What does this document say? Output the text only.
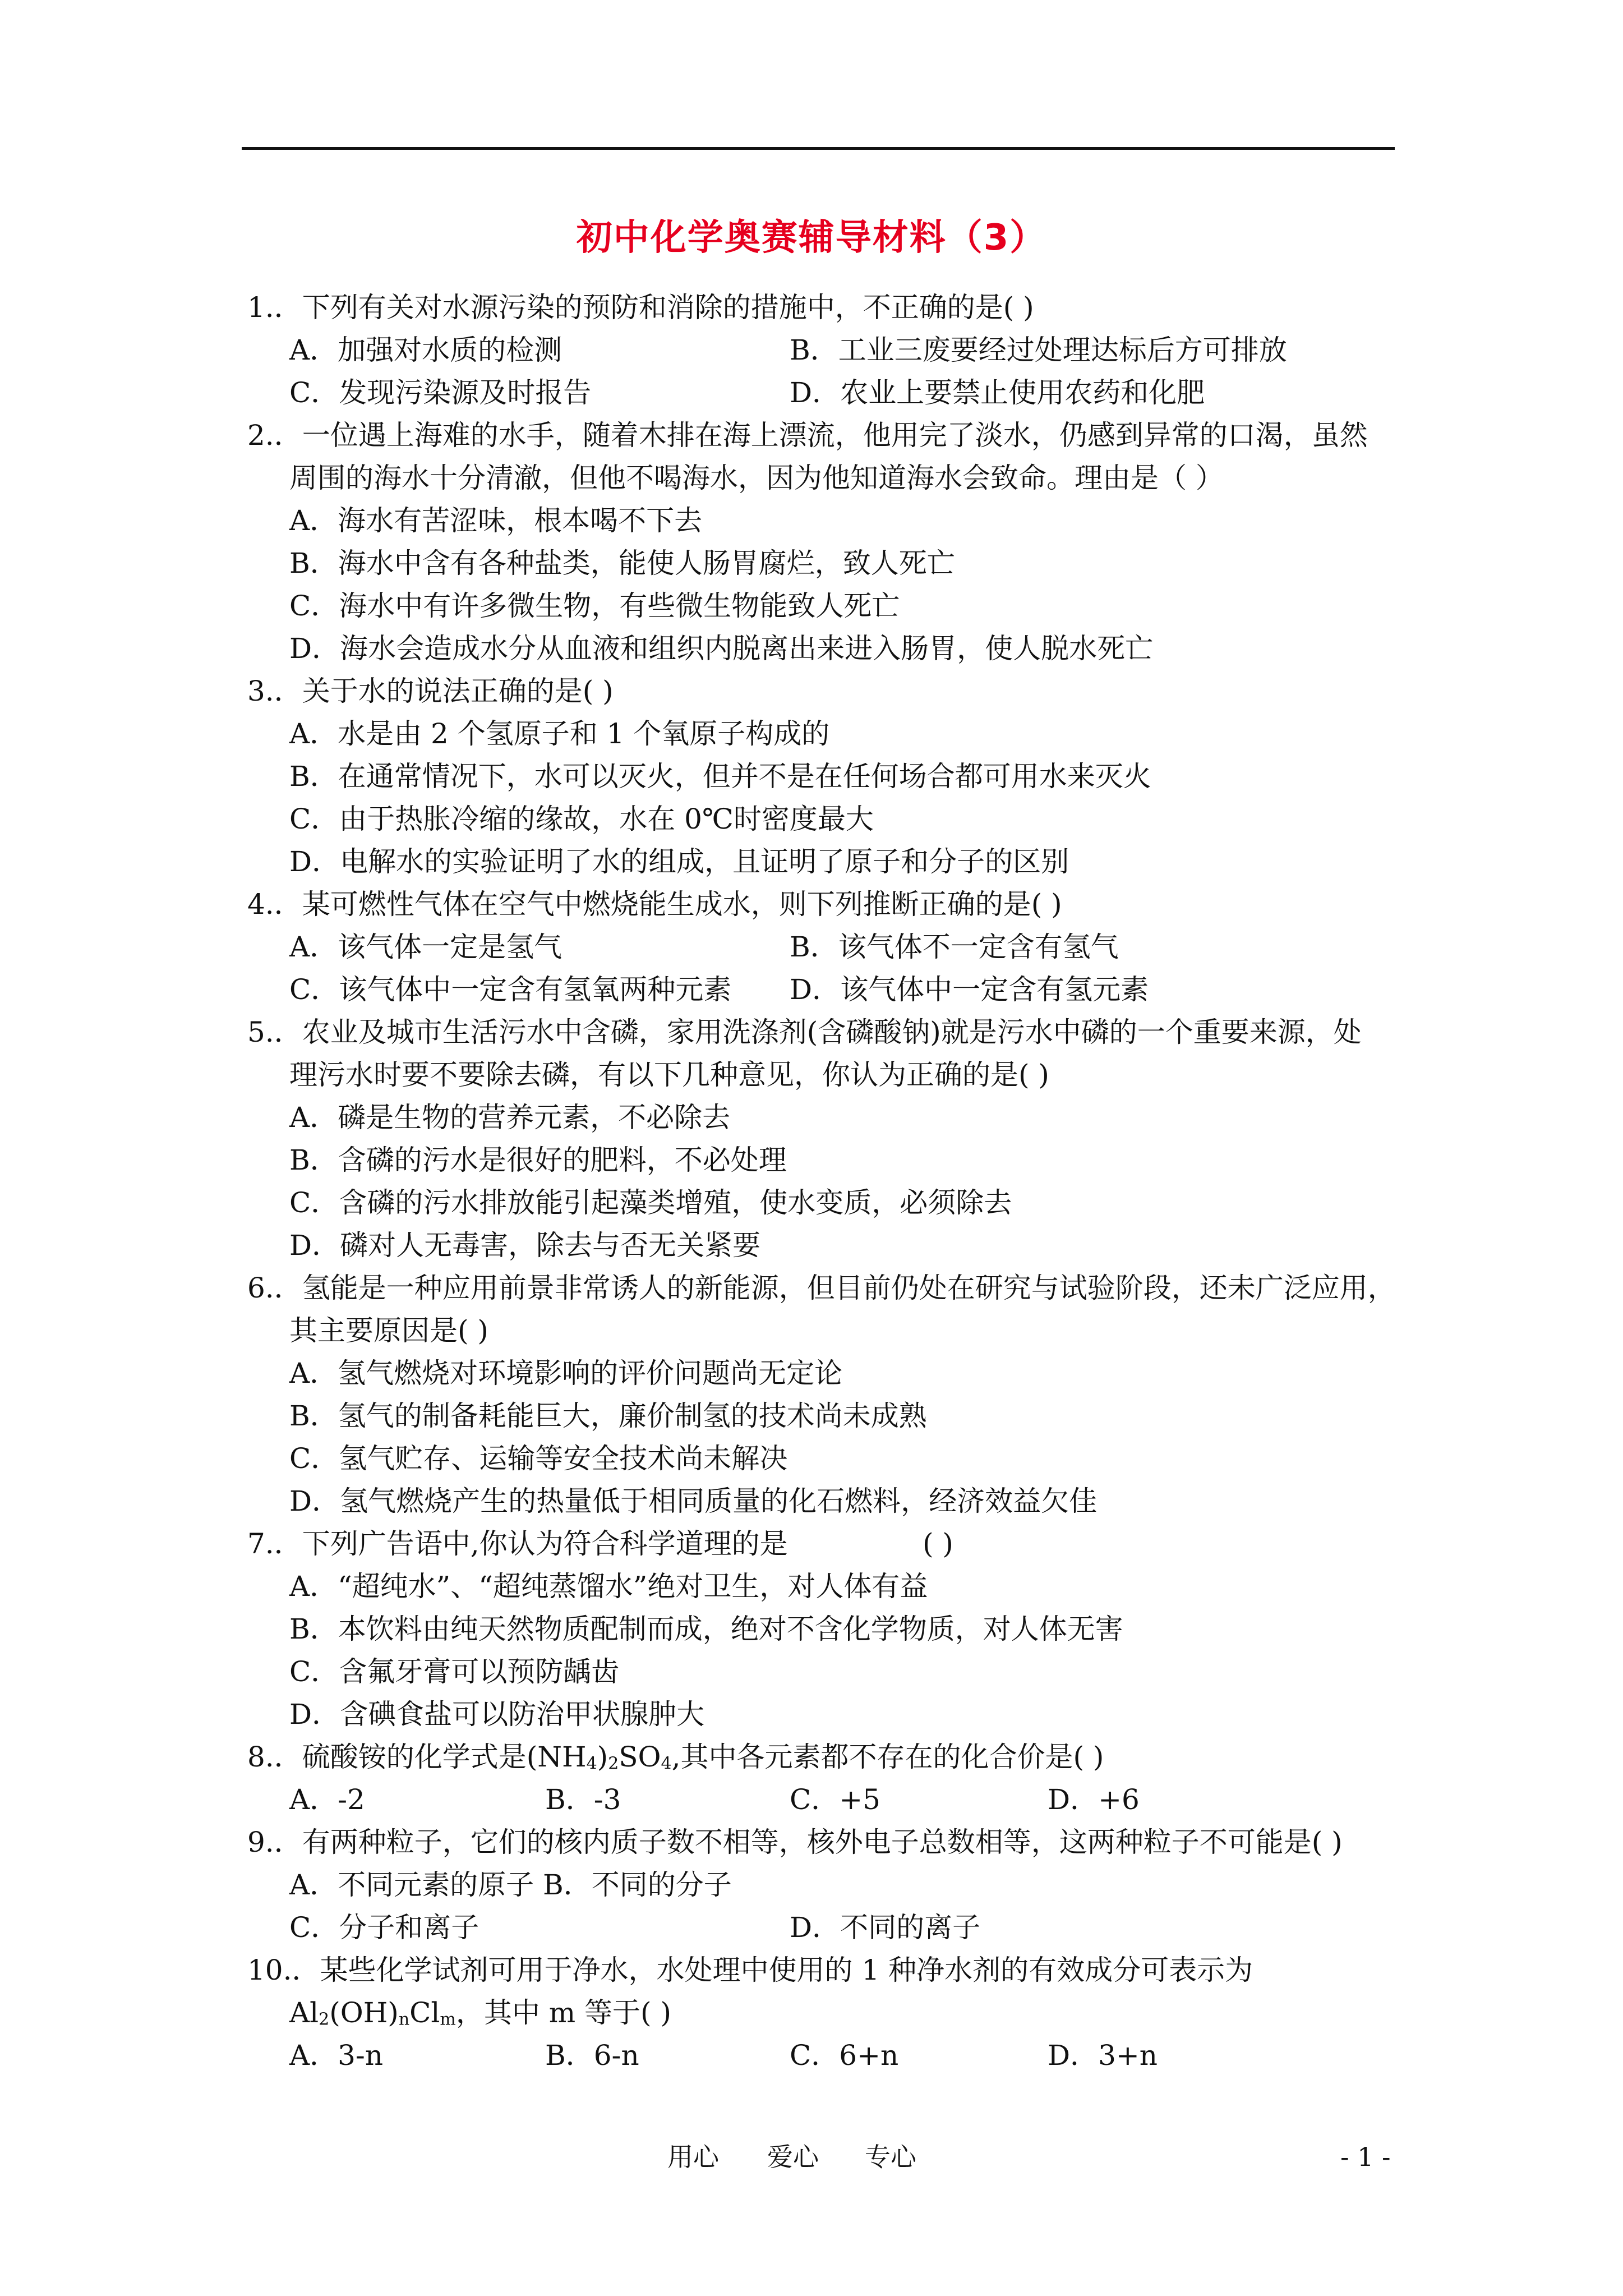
初中化学奥赛辅导材料（3）
1.．下列有关对水源污染的预防和消除的措施中，不正确的是( )
A．加强对水质的检测	B．工业三废要经过处理达标后方可排放
C．发现污染源及时报告	D．农业上要禁止使用农药和化肥
2.．一位遇上海难的水手，随着木排在海上漂流，他用完了淡水，仍感到异常的口渴，虽然
周围的海水十分清澈，但他不喝海水，因为他知道海水会致命。理由是（ ）
A．海水有苦涩味，根本喝不下去
B．海水中含有各种盐类，能使人肠胃腐烂，致人死亡
C．海水中有许多微生物，有些微生物能致人死亡
D．海水会造成水分从血液和组织内脱离出来进入肠胃，使人脱水死亡
3.．关于水的说法正确的是( )
A．水是由 2 个氢原子和 1 个氧原子构成的
B．在通常情况下，水可以灭火，但并不是在任何场合都可用水来灭火
C．由于热胀冷缩的缘故，水在 0℃时密度最大
D．电解水的实验证明了水的组成，且证明了原子和分子的区别
4.．某可燃性气体在空气中燃烧能生成水，则下列推断正确的是( )
A．该气体一定是氢气	B．该气体不一定含有氢气
C．该气体中一定含有氢氧两种元素 D．该气体中一定含有氢元素
5.．农业及城市生活污水中含磷，家用洗涤剂(含磷酸钠)就是污水中磷的一个重要来源，处
理污水时要不要除去磷，有以下几种意见，你认为正确的是( )
A．磷是生物的营养元素，不必除去
B．含磷的污水是很好的肥料，不必处理
C．含磷的污水排放能引起藻类增殖，使水变质，必须除去
D．磷对人无毒害，除去与否无关紧要
6.．氢能是一种应用前景非常诱人的新能源，但目前仍处在研究与试验阶段，还未广泛应用，
其主要原因是( )
A．氢气燃烧对环境影响的评价问题尚无定论
B．氢气的制备耗能巨大，廉价制氢的技术尚未成熟
C．氢气贮存、运输等安全技术尚未解决
D．氢气燃烧产生的热量低于相同质量的化石燃料，经济效益欠佳
7.．下列广告语中,你认为符合科学道理的是	( )
A．“超纯水”、“超纯蒸馏水”绝对卫生，对人体有益
B．本饮料由纯天然物质配制而成，绝对不含化学物质，对人体无害
C．含氟牙膏可以预防龋齿
D．含碘食盐可以防治甲状腺肿大
8.．硫酸铵的化学式是$(NH_4)_2SO_4$,其中各元素都不存在的化合价是( )
A．-2	B．-3	C．+5	D．+6
9.．有两种粒子，它们的核内质子数不相等，核外电子总数相等，这两种粒子不可能是( )
A．不同元素的原子 B．不同的分子
C．分子和离子	D．不同的离子
10.．某些化学试剂可用于净水，水处理中使用的 1 种净水剂的有效成分可表示为
$Al_2(OH)_nCl_m$，其中 m 等于( )
A．3-n	B．6-n	C．6+n	D．3+n
用心 爱心 专心	- 1 -
